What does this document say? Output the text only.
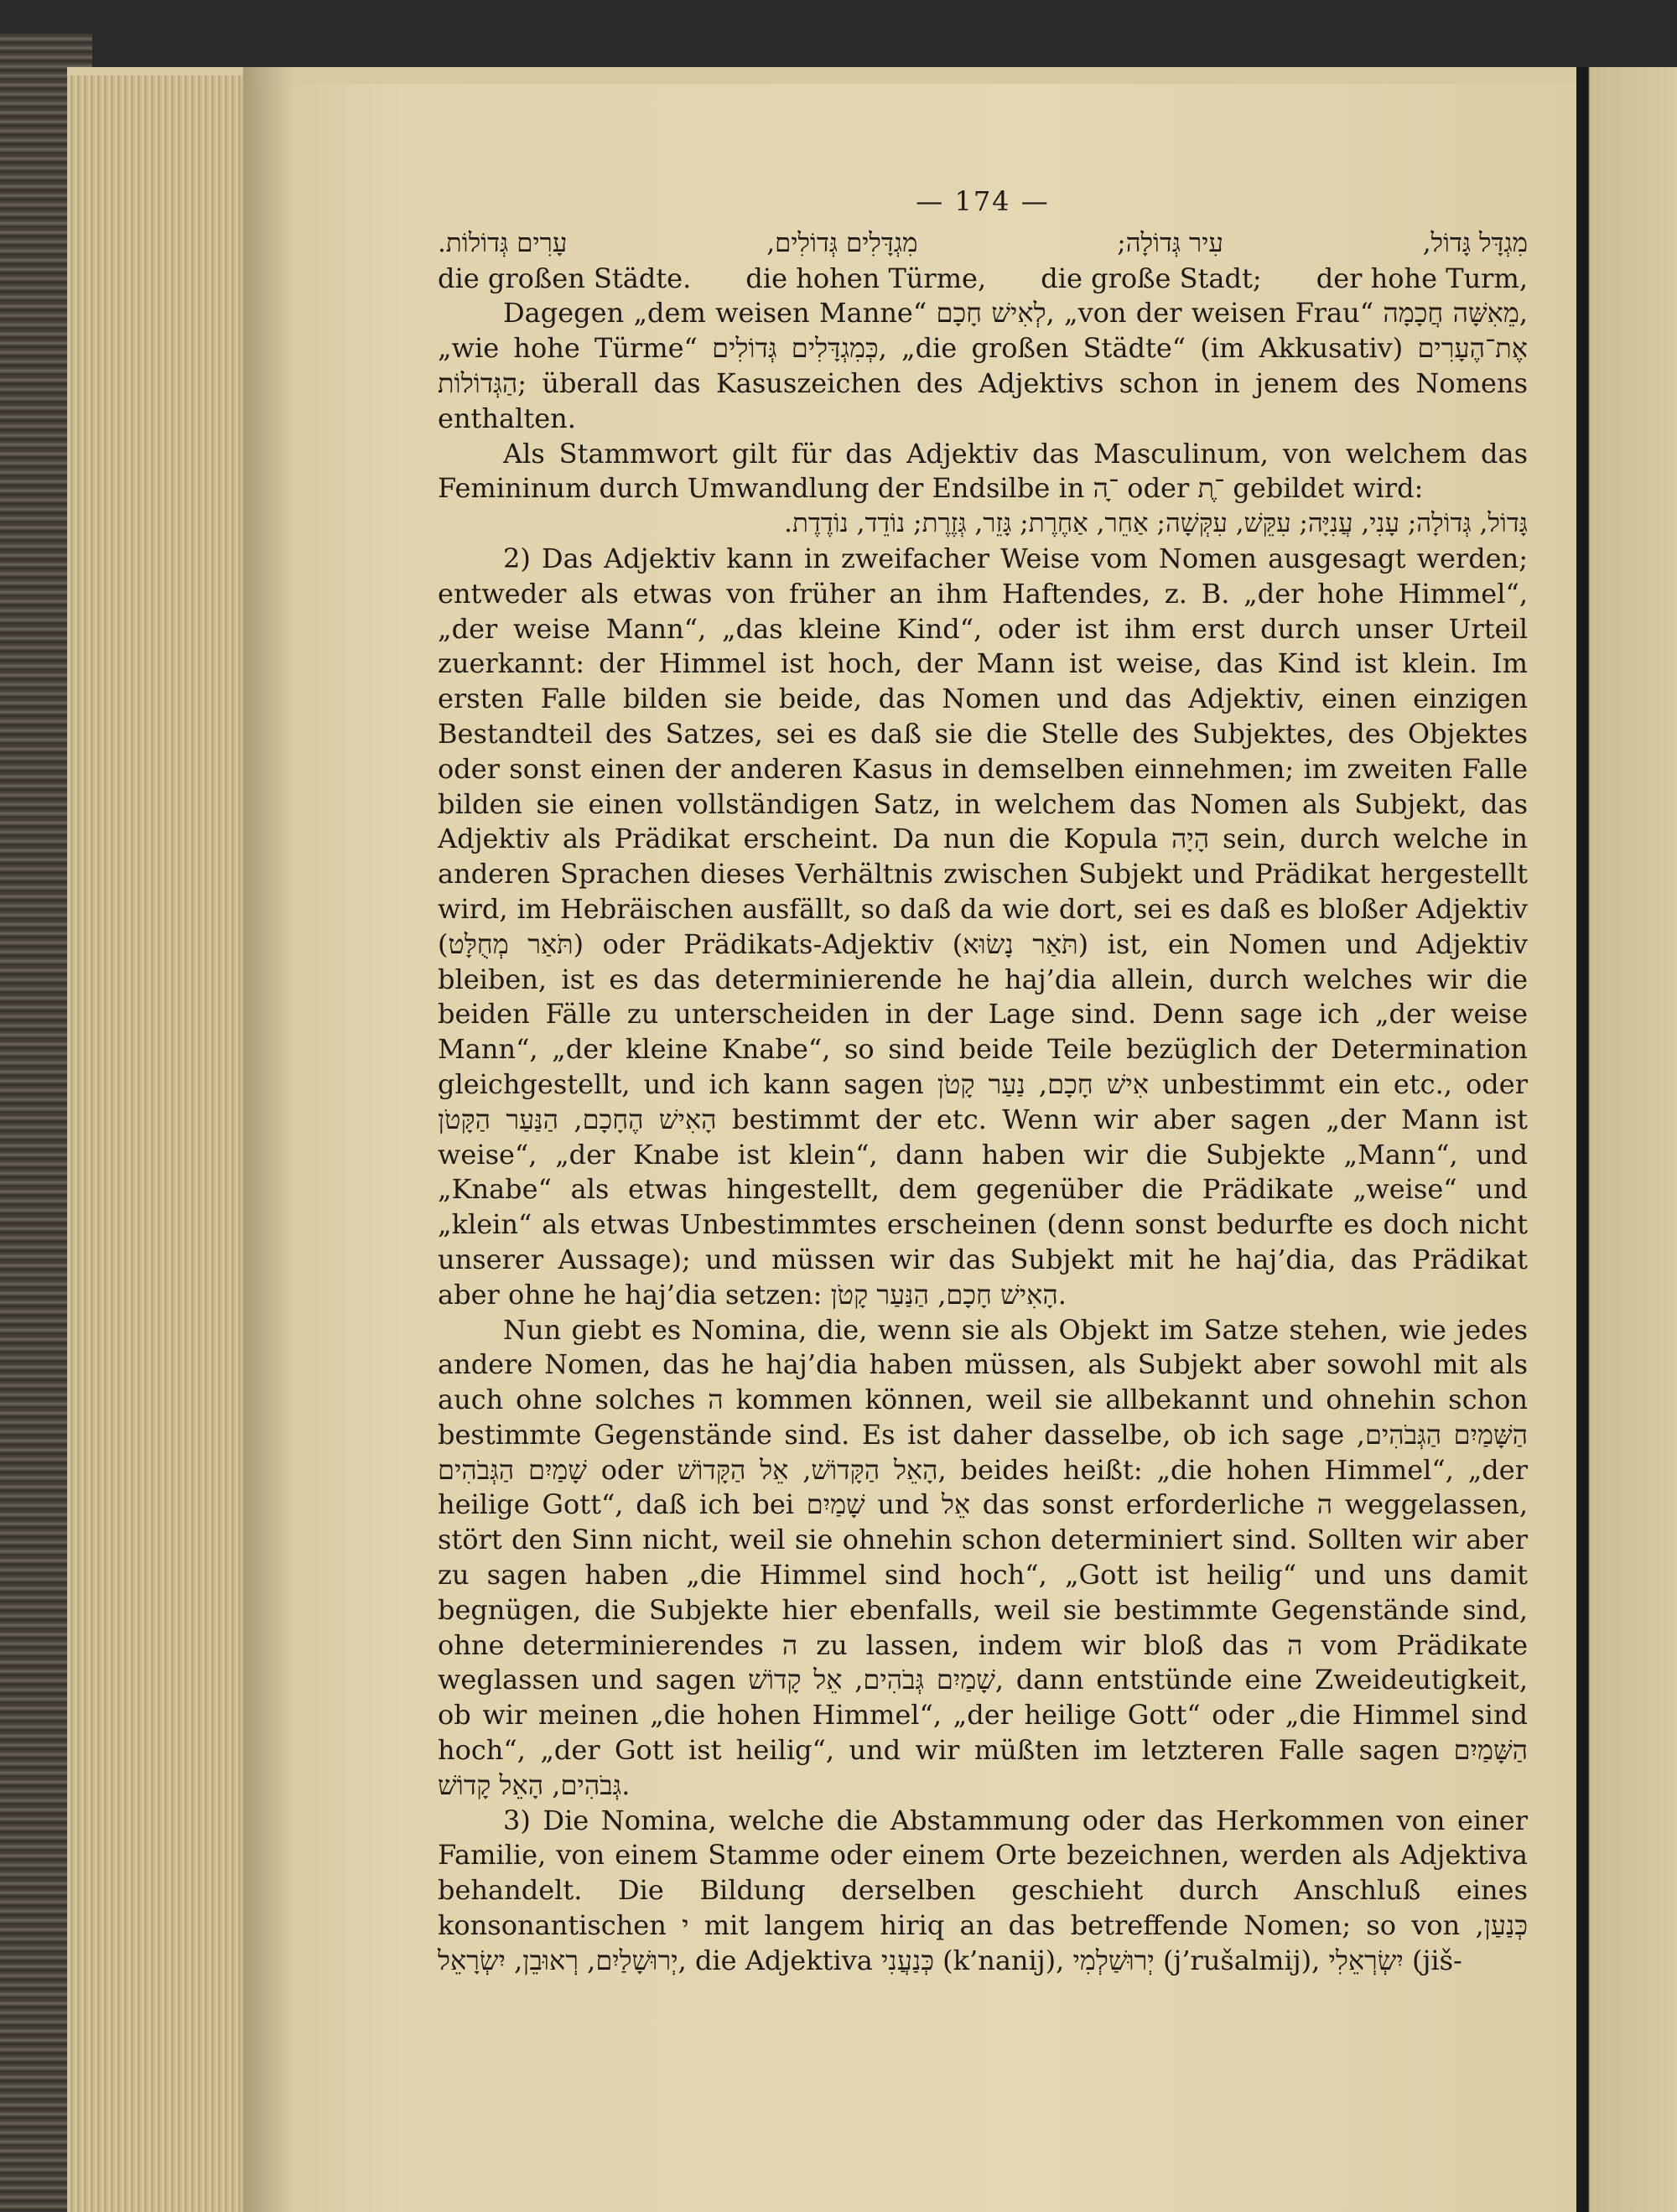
— 174 —
מִגְדָּל גָּדוֹל,
עִיר גְּדוֹלָה;
מִגְדָּלִים גְּדוֹלִים,
עָרִים גְּדוֹלוֹת.
die großen Städte. die hohen Türme, die große Stadt; der hohe Turm,

Dagegen „dem weisen Manne“ לְאִישׁ חָכָם, „von der weisen Frau“ מֵאִשָּׁה חֲכָמָה, „wie hohe Türme“ כְּמִגְדָּלִים גְּדוֹלִים, „die großen Städte“ (im Akkusativ) אֶת־הֶעָרִים הַגְּדוֹלוֹת; überall das Kasuszeichen des Adjektivs schon in jenem des Nomens enthalten.

Als Stammwort gilt für das Adjektiv das Masculinum, von welchem das Femininum durch Umwandlung der Endsilbe in ־ָה oder ־ֶת gebildet wird:

גָּדוֹל, גְּדוֹלָה; עָנִי, עֲנִיָּה; עִקֵּשׁ, עִקְּשָׁה; אַחֵר, אַחֶרֶת; גָּזֵר, גְּזֶרֶת; נוֹדֵד, נוֹדֶדֶת.

2) Das Adjektiv kann in zweifacher Weise vom Nomen ausgesagt werden; entweder als etwas von früher an ihm Haftendes, z. B. „der hohe Himmel“, „der weise Mann“, „das kleine Kind“, oder ist ihm erst durch unser Urteil zuerkannt: der Himmel ist hoch, der Mann ist weise, das Kind ist klein. Im ersten Falle bilden sie beide, das Nomen und das Adjektiv, einen einzigen Bestandteil des Satzes, sei es daß sie die Stelle des Subjektes, des Objektes oder sonst einen der anderen Kasus in demselben einnehmen; im zweiten Falle bilden sie einen vollständigen Satz, in welchem das Nomen als Subjekt, das Adjektiv als Prädikat erscheint. Da nun die Kopula הָיָה sein, durch welche in anderen Sprachen dieses Verhältnis zwischen Subjekt und Prädikat hergestellt wird, im Hebräischen ausfällt, so daß da wie dort, sei es daß es bloßer Adjektiv (תֹּאַר מְחֻלָּט) oder Prädikats-Adjektiv (תֹּאַר נָשׂוּא) ist, ein Nomen und Adjektiv bleiben, ist es das determinierende he haj’dia allein, durch welches wir die beiden Fälle zu unterscheiden in der Lage sind. Denn sage ich „der weise Mann“, „der kleine Knabe“, so sind beide Teile bezüglich der Determination gleichgestellt, und ich kann sagen אִישׁ חָכָם, נַעַר קָטֹן unbestimmt ein etc., oder הָאִישׁ הֶחָכָם, הַנַּעַר הַקָּטֹן bestimmt der etc. Wenn wir aber sagen „der Mann ist weise“, „der Knabe ist klein“, dann haben wir die Subjekte „Mann“, und „Knabe“ als etwas hingestellt, dem gegenüber die Prädikate „weise“ und „klein“ als etwas Unbestimmtes erscheinen (denn sonst bedurfte es doch nicht unserer Aussage); und müssen wir das Subjekt mit he haj’dia, das Prädikat aber ohne he haj’dia setzen: הָאִישׁ חָכָם, הַנַּעַר קָטֹן.

Nun giebt es Nomina, die, wenn sie als Objekt im Satze stehen, wie jedes andere Nomen, das he haj’dia haben müssen, als Subjekt aber sowohl mit als auch ohne solches ה kommen können, weil sie allbekannt und ohnehin schon bestimmte Gegenstände sind. Es ist daher dasselbe, ob ich sage הַשָּׁמַיִם הַגְּבֹהִים, שָׁמַיִם הַגְּבֹהִים oder הָאֵל הַקָּדוֹשׁ, אֵל הַקָּדוֹשׁ, beides heißt: „die hohen Himmel“, „der heilige Gott“, daß ich bei שָׁמַיִם und אֵל das sonst erforderliche ה weggelassen, stört den Sinn nicht, weil sie ohnehin schon determiniert sind. Sollten wir aber zu sagen haben „die Himmel sind hoch“, „Gott ist heilig“ und uns damit begnügen, die Subjekte hier ebenfalls, weil sie bestimmte Gegenstände sind, ohne determinierendes ה zu lassen, indem wir bloß das ה vom Prädikate weglassen und sagen שָׁמַיִם גְּבֹהִים, אֵל קָדוֹשׁ, dann entstünde eine Zweideutigkeit, ob wir meinen „die hohen Himmel“, „der heilige Gott“ oder „die Himmel sind hoch“, „der Gott ist heilig“, und wir müßten im letzteren Falle sagen הַשָּׁמַיִם גְּבֹהִים, הָאֵל קָדוֹשׁ.

3) Die Nomina, welche die Abstammung oder das Herkommen von einer Familie, von einem Stamme oder einem Orte bezeichnen, werden als Adjektiva behandelt. Die Bildung derselben geschieht durch Anschluß eines konsonantischen י mit langem hiriq an das betreffende Nomen; so von כְּנַעַן, יְרוּשָׁלַיִם, רְאוּבֵן, יִשְׂרָאֵל, die Adjektiva כְּנַעֲנִי (k’nanij), יְרוּשַׁלְמִי (j’rušalmij), יִשְׂרְאֵלִי (jiš-
